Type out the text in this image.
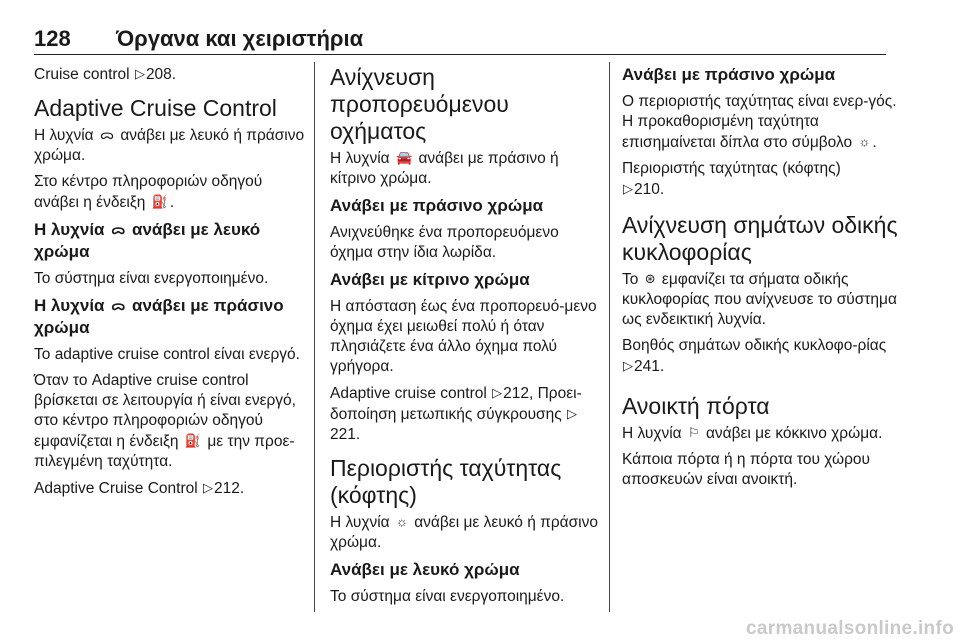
128 Όργανα και χειριστήρια

Cruise control ▷208.

Adaptive Cruise Control

Η λυχνία ᯅ ανάβει με λευκό ή πράσινο χρώμα.

Στο κέντρο πληροφοριών οδηγού ανάβει η ένδειξη ⛽ .

Η λυχνία ᯅ ανάβει με λευκό χρώμα

Το σύστημα είναι ενεργοποιημένο.

Η λυχνία ᯅ ανάβει με πράσινο χρώμα

Το adaptive cruise control είναι ενεργό.

Όταν το Adaptive cruise control βρίσκεται σε λειτουργία ή είναι ενεργό, στο κέντρο πληροφοριών οδηγού εμφανίζεται η ένδειξη ⛽ με την προε-πιλεγμένη ταχύτητα.

Adaptive Cruise Control ▷212.

Ανίχνευση προπορευόμενου οχήματος

Η λυχνία 🚘 ανάβει με πράσινο ή κίτρινο χρώμα.

Ανάβει με πράσινο χρώμα

Ανιχνεύθηκε ένα προπορευόμενο όχημα στην ίδια λωρίδα.

Ανάβει με κίτρινο χρώμα

Η απόσταση έως ένα προπορευό-μενο όχημα έχει μειωθεί πολύ ή όταν πλησιάζετε ένα άλλο όχημα πολύ γρήγορα.

Adaptive cruise control ▷212, Προει-δοποίηση μετωπικής σύγκρουσης ▷221.

Περιοριστής ταχύτητας (κόφτης)

Η λυχνία ☼ ανάβει με λευκό ή πράσινο χρώμα.

Ανάβει με λευκό χρώμα

Το σύστημα είναι ενεργοποιημένο.

Ανάβει με πράσινο χρώμα

Ο περιοριστής ταχύτητας είναι ενερ-γός. Η προκαθορισμένη ταχύτητα επισημαίνεται δίπλα στο σύμβολο ☼ .

Περιοριστής ταχύτητας (κόφτης)
▷210.

Ανίχνευση σημάτων οδικής κυκλοφορίας

Το ⊛ εμφανίζει τα σήματα οδικής κυκλοφορίας που ανίχνευσε το σύστημα ως ενδεικτική λυχνία.

Βοηθός σημάτων οδικής κυκλοφο-ρίας ▷241.

Ανοικτή πόρτα

Η λυχνία ⚐ ανάβει με κόκκινο χρώμα.

Κάποια πόρτα ή η πόρτα του χώρου αποσκευών είναι ανοικτή.

carmanualsonline.info
